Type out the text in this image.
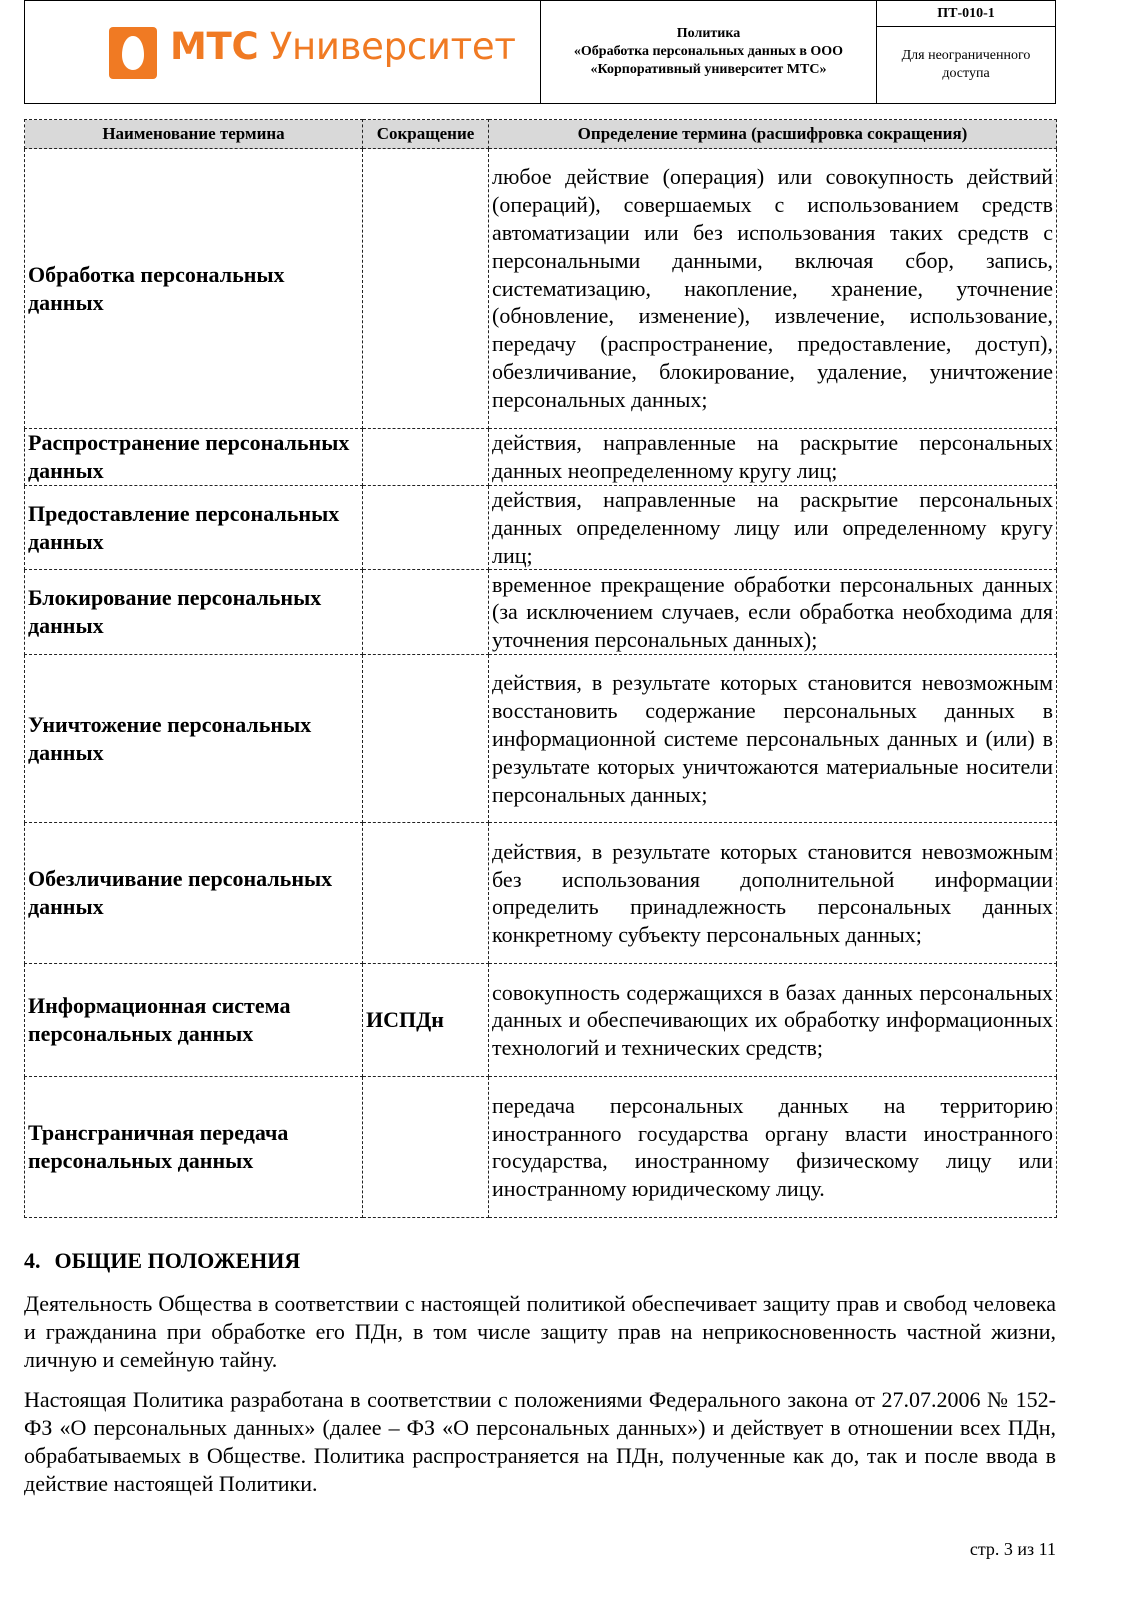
МТС Университет	Политика
«Обработка персональных данных в ООО
«Корпоративный университет МТС»
ПТ-010-1
Для неограниченного
доступа
Наименование термина	Сокращение	Определение термина (расшифровка сокращения)
Обработка персональных данных		любое действие (операция) или совокупность действий (операций), совершаемых с использованием средств автоматизации или без использования таких средств с персональными данными, включая сбор, запись, систематизацию, накопление, хранение, уточнение (обновление, изменение), извлечение, использование, передачу (распространение, предоставление, доступ), обезличивание, блокирование, удаление, уничтожение персональных данных;
Распространение персональных данных		действия, направленные на раскрытие персональных данных неопределенному кругу лиц;
Предоставление персональных данных		действия, направленные на раскрытие персональных данных определенному лицу или определенному кругу лиц;
Блокирование персональных данных		временное прекращение обработки персональных данных (за исключением случаев, если обработка необходима для уточнения персональных данных);
Уничтожение персональных данных		действия, в результате которых становится невозможным восстановить содержание персональных данных в информационной системе персональных данных и (или) в результате которых уничтожаются материальные носители персональных данных;
Обезличивание персональных данных		действия, в результате которых становится невозможным без использования дополнительной информации определить принадлежность персональных данных конкретному субъекту персональных данных;
Информационная система персональных данных	ИСПДн	совокупность содержащихся в базах данных персональных данных и обеспечивающих их обработку информационных технологий и технических средств;
Трансграничная передача персональных данных		передача персональных данных на территорию иностранного государства органу власти иностранного государства, иностранному физическому лицу или иностранному юридическому лицу.
4. ОБЩИЕ ПОЛОЖЕНИЯ
Деятельность Общества в соответствии с настоящей политикой обеспечивает защиту прав и свобод человека и гражданина при обработке его ПДн, в том числе защиту прав на неприкосновенность частной жизни, личную и семейную тайну.
Настоящая Политика разработана в соответствии с положениями Федерального закона от 27.07.2006 № 152-ФЗ «О персональных данных» (далее – ФЗ «О персональных данных») и действует в отношении всех ПДн, обрабатываемых в Обществе. Политика распространяется на ПДн, полученные как до, так и после ввода в действие настоящей Политики.
стр. 3 из 11
